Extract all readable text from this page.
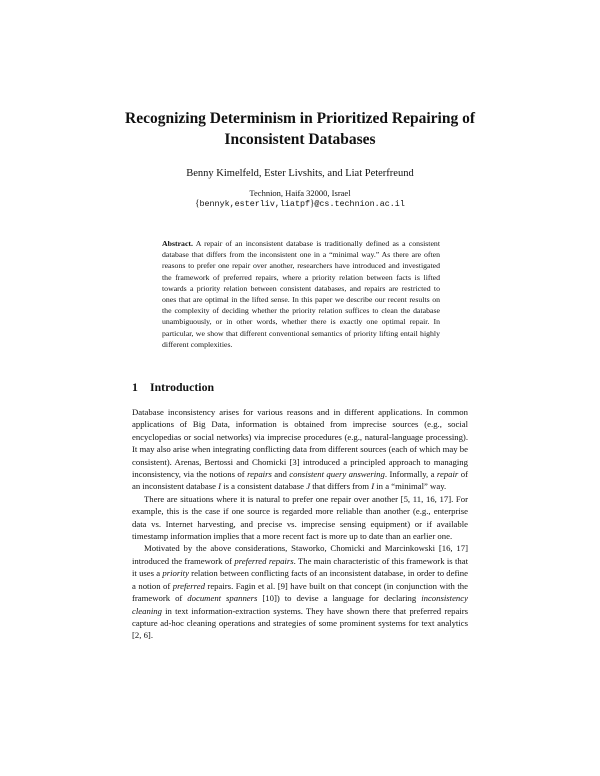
Recognizing Determinism in Prioritized Repairing of
Inconsistent Databases
Benny Kimelfeld, Ester Livshits, and Liat Peterfreund
Technion, Haifa 32000, Israel
{bennyk,esterliv,liatpf}@cs.technion.ac.il
Abstract. A repair of an inconsistent database is traditionally defined as a consistent database that differs from the inconsistent one in a “minimal way.” As there are often reasons to prefer one repair over another, researchers have introduced and investigated the framework of preferred repairs, where a priority relation between facts is lifted towards a priority relation between consistent databases, and repairs are restricted to ones that are optimal in the lifted sense. In this paper we describe our recent results on the complexity of deciding whether the priority relation suffices to clean the database unambiguously, or in other words, whether there is exactly one optimal repair. In particular, we show that different conventional semantics of priority lifting entail highly different complexities.
1 Introduction

Database inconsistency arises for various reasons and in different applications. In common applications of Big Data, information is obtained from imprecise sources (e.g., social encyclopedias or social networks) via imprecise procedures (e.g., natural-language processing). It may also arise when integrating conflicting data from different sources (each of which may be consistent). Arenas, Bertossi and Chomicki [3] introduced a principled approach to managing inconsistency, via the notions of repairs and consistent query answering. Informally, a repair of an inconsistent database I is a consistent database J that differs from I in a “minimal” way.

There are situations where it is natural to prefer one repair over another [5, 11, 16, 17]. For example, this is the case if one source is regarded more reliable than another (e.g., enterprise data vs. Internet harvesting, and precise vs. imprecise sensing equipment) or if available timestamp information implies that a more recent fact is more up to date than an earlier one.

Motivated by the above considerations, Staworko, Chomicki and Marcinkowski [16, 17] introduced the framework of preferred repairs. The main characteristic of this framework is that it uses a priority relation between conflicting facts of an inconsistent database, in order to define a notion of preferred repairs. Fagin et al. [9] have built on that concept (in conjunction with the framework of document spanners [10]) to devise a language for declaring inconsistency cleaning in text information-extraction systems. They have shown there that preferred repairs capture ad-hoc cleaning operations and strategies of some prominent systems for text analytics [2, 6].
